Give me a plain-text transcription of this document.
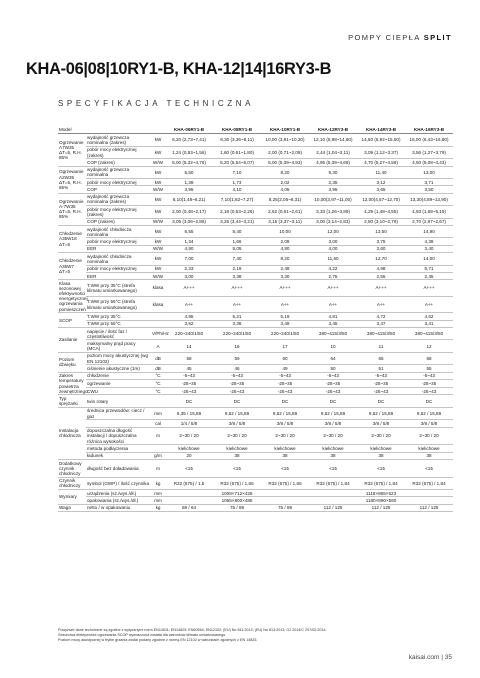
POMPY CIEPŁA SPLIT
KHA-06|08|10RY1-B, KHA-12|14|16RY3-B
SPECYFIKACJA TECHNICZNA
Model			KHA-06RY1-B	KHA-08RY1-B	KHA-10RY1-B	KHA-12RY3-B	KHA-14RY3-B	KHA-16RY3-B
Ogrzewanie A7W35 ΔT=5, R.H. 85%	wydajność grzewcza nominalna (zakres)	kW	6,20 (2,73~7,41)	8,30 (3,36~8,11)	10,00 (3,81~10,30)	12,10 (5,98~14,60)	14,60 (5,92~15,50)	16,00 (6,43~16,80)
	pobór mocy elektrycznej (zakres)	kW	1,24 (0,53~1,56)	1,60 (0,61~1,80)	2,00 (0,71~2,09)	2,44 (1,04~3,11)	3,09 (1,12~3,37)	3,56 (1,27~3,79)
	COP (zakres)	W/W	5,00 (5,32~4,76)	5,20 (5,54~5,07)	5,00 (5,39~4,93)	4,95 (5,39~4,69)	4,70 (5,27~4,59)	4,50 (5,08~4,43)
Ogrzewanie A2W35 ΔT=5, R.H. 85%	wydajność grzewcza nominalna	kW	5,50	7,10	8,20	9,30	11,40	13,00
	pobór mocy elektrycznej	kW	1,39	1,73	2,02	2,35	3,12	3,71
	COP	W/W	3,95	4,10	4,05	3,95	3,65	3,50
Ogrzewanie A-7W35 ΔT=5, R.H. 85%	wydajność grzewcza nominalna (zakres)	kW	6,10(1,48~6,21)	7,10(1,82~7,27)	8,25(2,05~8,31)	10,00(3,97~11,00)	12,00(4,57~12,70)	13,30(4,89~13,90)
	pobór mocy elektrycznej (zakres)	kW	2,00 (0,48~2,17)	2,18 (0,53~2,26)	2,62 (0,61~2,61)	3,33 (1,26~3,89)	4,29 (1,48~4,55)	4,93 (1,68~5,19)
	COP (zakres)	W/W	3,05 (3,06~2,86)	3,25 (3,44~3,21)	3,15 (3,37~3,11)	3,00 (3,14~2,83)	2,80 (3,10~2,79)	2,70 (2,97~2,67)
Chłodzenie A35W18 ΔT=5	wydajność chłodnicza nominalna	kW	6,55	8,40	10,00	12,00	13,50	14,90
	pobór mocy elektrycznej	kW	1,34	1,66	2,08	3,00	3,75	4,38
	EER	W/W	4,90	5,05	4,80	4,00	3,60	3,40
Chłodzenie A35W7 ΔT=5	wydajność chłodnicza nominalna	kW	7,00	7,40	8,20	11,60	12,70	14,00
	pobór mocy elektrycznej	kW	2,33	2,19	2,48	4,22	4,98	5,71
	EER	W/W	3,00	3,38	3,30	2,75	2,55	2,45
Klasa sezonowej efektywności energetycznej ogrzewania pomieszczeń	T.WW przy 35°C (strefa klimatu umiarkowanego)	klasa	A+++	A+++	A+++	A+++	A+++	A+++
	T.WW przy 55°C (strefa klimatu umiarkowanego)	klasa	A++	A++	A++	A++	A++	A++
SCOP	T.WW przy 35°C		4,95	5,21	5,19	4,81	4,72	4,62
	T.WW przy 55°C		3,52	3,36	3,49	3,45	3,47	3,41
Zasilanie	napięcie / ilość faz / częstotliwość	V/Ph/Hz	220~240/1/50	220~240/1/50	220~240/1/50	380~415/3/50	380~415/3/50	380~415/3/50
	maksymalny prąd pracy (MCA)	A	14	16	17	10	11	12
Poziom dźwięku	poziom mocy akustycznej (wg EN 12102)	dB	58	59	60	64	65	68
	ciśnienie akustyczne (1m)	dB	45	46	49	50	51	55
Zakres temperatury powietrza zewnętrznego	chłodzenie	°C	-5~43	-5~43	-5~43	-5~43	-5~43	-5~43
	ogrzewanie	°C	-25~35	-25~35	-25~35	-25~35	-25~35	-25~35
	CWU	°C	-25~43	-25~43	-25~43	-25~43	-25~43	-25~43
Typ sprężarki	twin rotary		DC	DC	DC	DC	DC	DC
Instalacja chłodnicza	średnica przewodów: ciecz / gaz	mm	6,35 / 15,88	9,52 / 15,88	9,52 / 15,88	9,52 / 15,88	9,52 / 15,88	9,52 / 15,88
		cal	1/4 / 5/8	3/8 / 5/8	3/8 / 5/8	3/8 / 5/8	3/8 / 5/8	3/8 / 5/8
	dopuszczalna długość instalacji / dopuszczalna różnica wysokości	m	2~30 / 20	2~30 / 20	2~30 / 20	2~30 / 20	2~30 / 20	2~30 / 20
	metoda podłączenia		kielichowe	kielichowe	kielichowe	kielichowe	kielichowe	kielichowe
	ładunek	g/m	20	38	38	38	38	38
Dodatkowy czynnik chłodniczy	długość bez doładowania	m	<15	<15	<15	<15	<15	<15
Czynnik chłodniczy	symbol (GWP) / ilość czynnika	kg	R32 (675) / 1,5	R32 (675) / 1,65	R32 (675) / 1,65	R32 (675) / 1,84	R32 (675) / 1,84	R32 (675) / 1,84
Wymiary	urządzenia (sz./wys./dł.)	mm	1008×712×426			1118×865×523		
	opakowania (sz./wys./dł.)	mm	1065×800×485			1180×890×560		
Waga	netto / w opakowaniu	kg	58 / 64	75 / 89	75 / 89	112 / 125	112 / 125	112 / 125
Powyższe dane techniczne są zgodne z wytycznymi norm EN14511; EN14825; EN50564; EN12102; (EU) No 811:2013; (EU) No 813:2013; OJ 2014/C 207/02:2014.
Sezonowa efektywność ogrzewania SCOP wyznaczona została dla warunków klimatu umiarkowanego.
Poziom mocy akustycznej w trybie grzania został podany zgodnie z normą EN 12102 w warunkach zgodnych z EN 14825.
kaisai.com | 35
